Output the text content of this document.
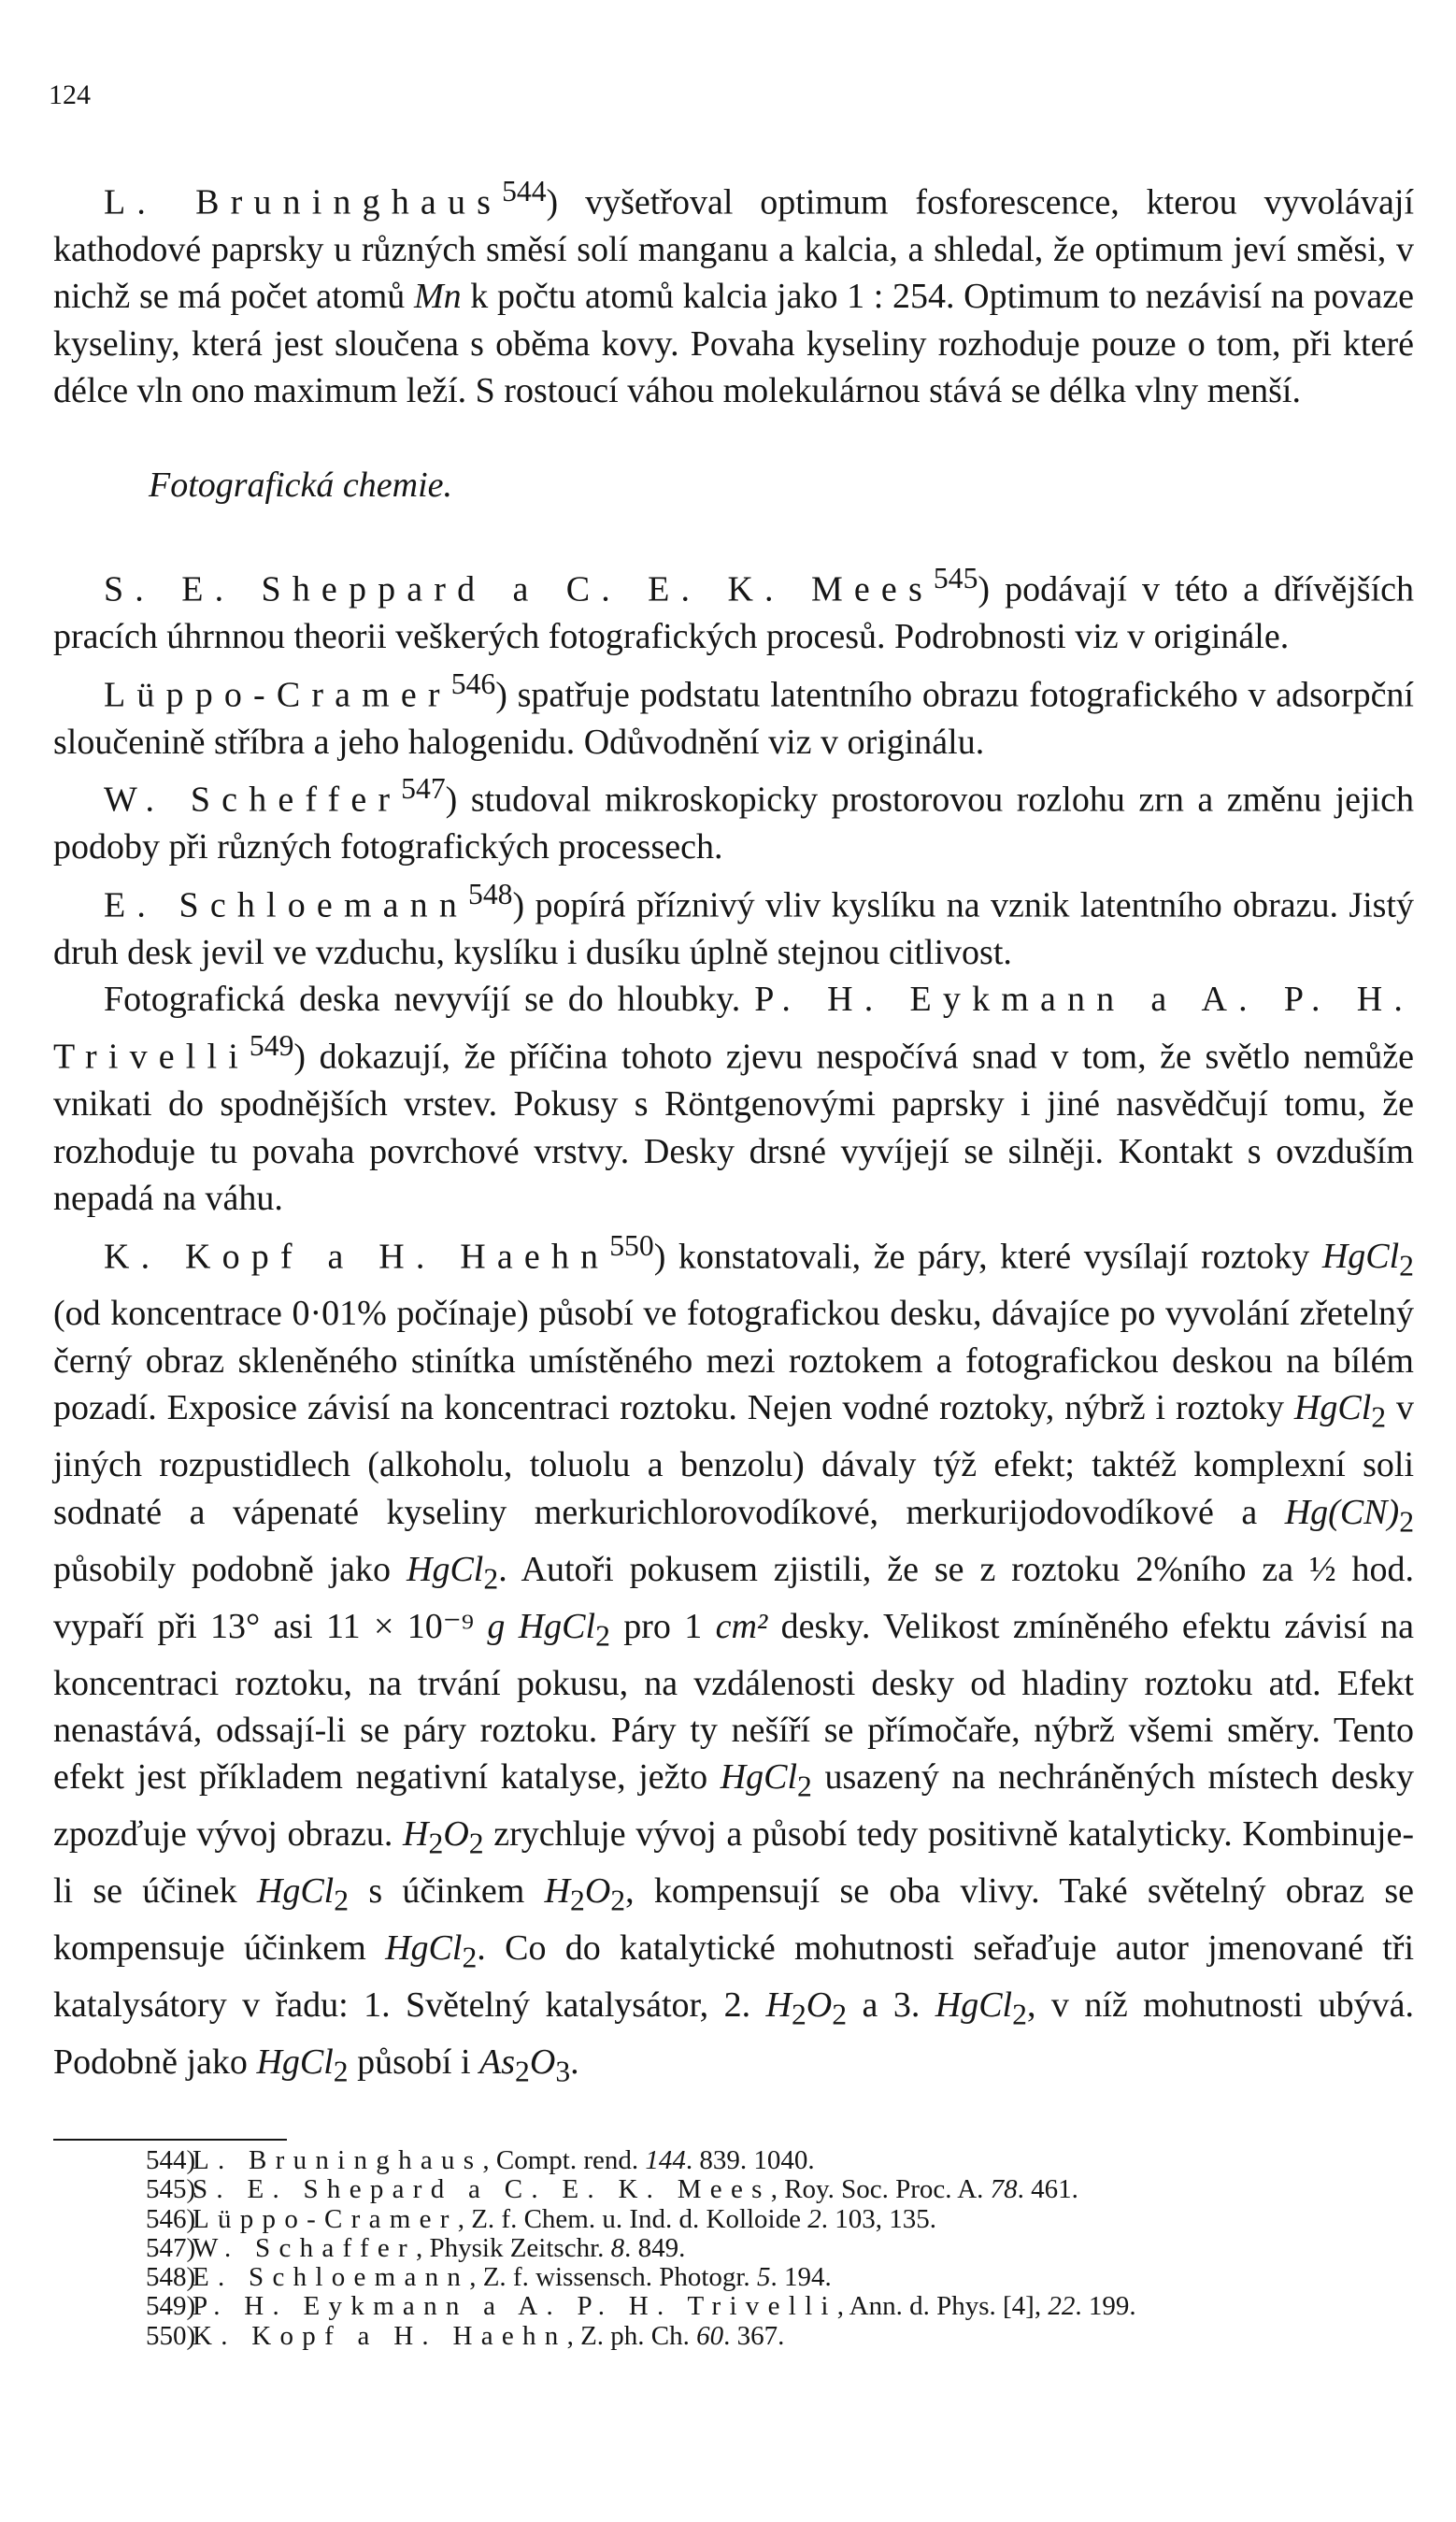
124

L. Bruninghaus$^{544}$) vyšetřoval optimum fosforescence, kterou vyvolávají kathodové paprsky u různých směsí solí manganu a kalcia, a shledal, že optimum jeví směsi, v nichž se má počet atomů Mn k počtu atomů kalcia jako 1 : 254. Optimum to nezávisí na povaze kyseliny, která jest sloučena s oběma kovy. Povaha kyseliny rozhoduje pouze o tom, při které délce vln ono maximum leží. S rostoucí váhou molekulárnou stává se délka vlny menší.

Fotografická chemie.

S. E. Sheppard a C. E. K. Mees$^{545}$) podávají v této a dřívějších pracích úhrnnou theorii veškerých fotografických procesů. Podrobnosti viz v originále.

Lüppo-Cramer$^{546}$) spatřuje podstatu latentního obrazu fotografického v adsorpční sloučenině stříbra a jeho halogenidu. Odůvodnění viz v originálu.

W. Scheffer$^{547}$) studoval mikroskopicky prostorovou rozlohu zrn a změnu jejich podoby při různých fotografických processech.

E. Schloemann$^{548}$) popírá příznivý vliv kyslíku na vznik latentního obrazu. Jistý druh desk jevil ve vzduchu, kyslíku i dusíku úplně stejnou citlivost.

Fotografická deska nevyvíjí se do hloubky. P. H. Eykmann a A. P. H. Trivelli$^{549}$) dokazují, že příčina tohoto zjevu nespočívá snad v tom, že světlo nemůže vnikati do spodnějších vrstev. Pokusy s Röntgenovými paprsky i jiné nasvědčují tomu, že rozhoduje tu povaha povrchové vrstvy. Desky drsné vyvíjejí se silněji. Kontakt s ovzduším nepadá na váhu.

K. Kopf a H. Haehn$^{550}$) konstatovali, že páry, které vysílají roztoky HgCl$_2$ (od koncentrace 0·01% počínaje) působí ve fotografickou desku, dávajíce po vyvolání zřetelný černý obraz skleněného stinítka umístěného mezi roztokem a fotografickou deskou na bílém pozadí. Exposice závisí na koncentraci roztoku. Nejen vodné roztoky, nýbrž i roztoky HgCl$_2$ v jiných rozpustidlech (alkoholu, toluolu a benzolu) dávaly týž efekt; taktéž komplexní soli sodnaté a vápenaté kyseliny merkurichlorovodíkové, merkurijodovodíkové a $Hg(CN)_2$ působily podobně jako HgCl$_2$. Autoři pokusem zjistili, že se z roztoku 2%ního za ½ hod. vypaří při 13° asi 11 × 10⁻⁹ g HgCl$_2$ pro 1 cm² desky. Velikost zmíněného efektu závisí na koncentraci roztoku, na trvání pokusu, na vzdálenosti desky od hladiny roztoku atd. Efekt nenastává, odssají-li se páry roztoku. Páry ty nešíří se přímočaře, nýbrž všemi směry. Tento efekt jest příkladem negativní katalyse, ježto HgCl$_2$ usazený na nechráněných místech desky zpozďuje vývoj obrazu. $H_2O_2$ zrychluje vývoj a působí tedy positivně katalyticky. Kombinuje-li se účinek HgCl$_2$ s účinkem $H_2O_2$, kompensují se oba vlivy. Také světelný obraz se kompensuje účinkem HgCl$_2$. Co do katalytické mohutnosti seřaďuje autor jmenované tři katalysátory v řadu: 1. Světelný katalysátor, 2. $H_2O_2$ a 3. HgCl$_2$, v níž mohutnosti ubývá. Podobně jako HgCl$_2$ působí i $As_2O_3$.

544)L. Bruninghaus, Compt. rend. 144. 839. 1040.

545)S. E. Shepard a C. E. K. Mees, Roy. Soc. Proc. A. 78. 461.

546)Lüppo-Cramer, Z. f. Chem. u. Ind. d. Kolloide 2. 103, 135.

547)W. Schaffer, Physik Zeitschr. 8. 849.

548)E. Schloemann, Z. f. wissensch. Photogr. 5. 194.

549)P. H. Eykmann a A. P. H. Trivelli, Ann. d. Phys. [4], 22. 199.

550)K. Kopf a H. Haehn, Z. ph. Ch. 60. 367.
